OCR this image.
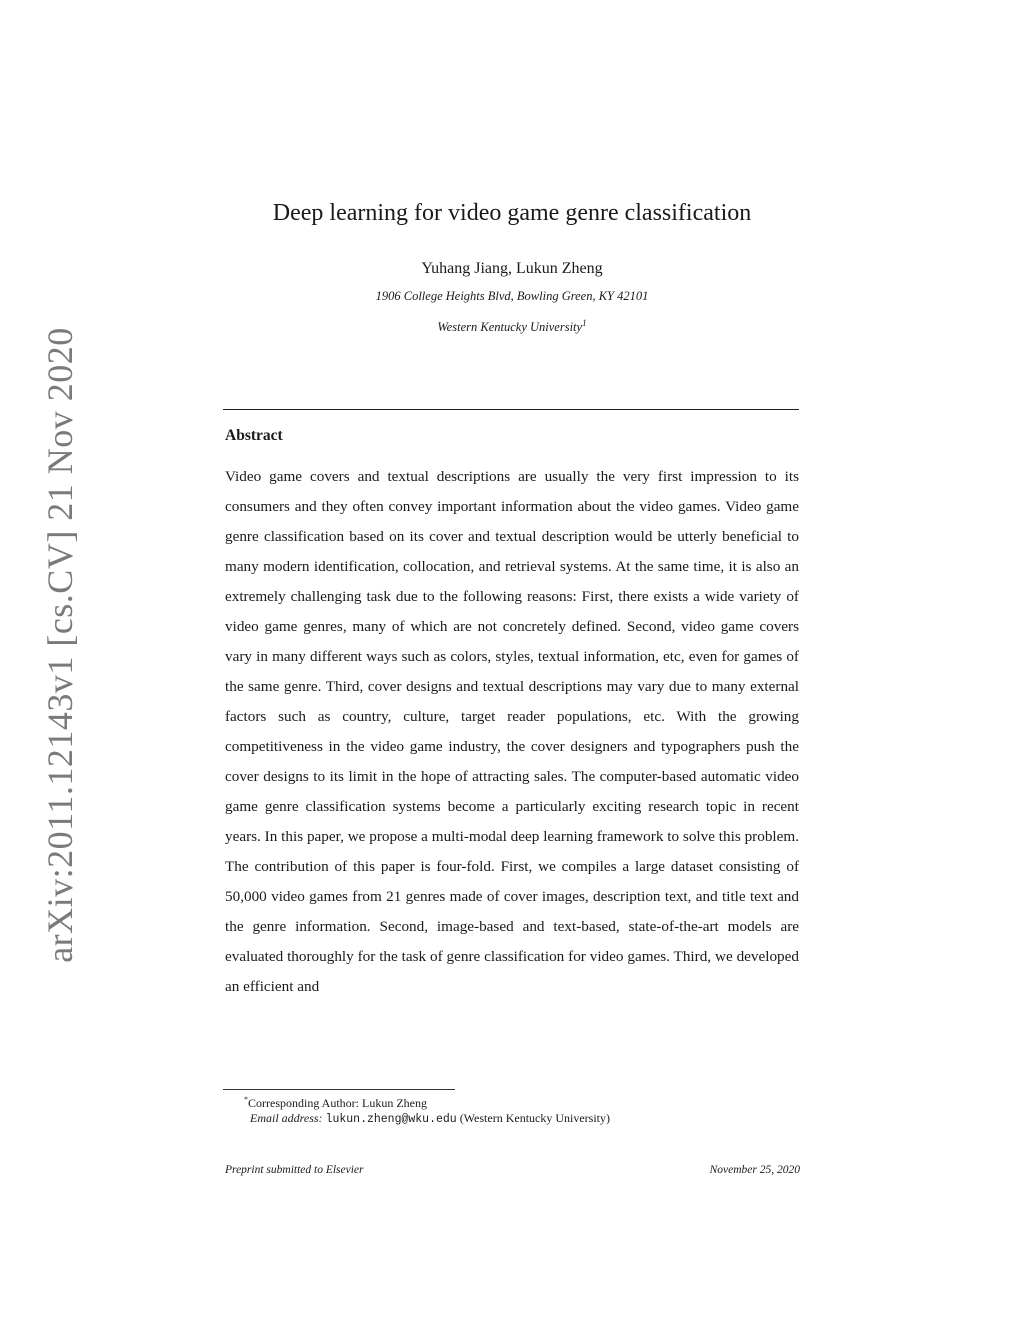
arXiv:2011.12143v1 [cs.CV] 21 Nov 2020
Deep learning for video game genre classification
Yuhang Jiang, Lukun Zheng
1906 College Heights Blvd, Bowling Green, KY 42101
Western Kentucky University$^1$
Abstract
Video game covers and textual descriptions are usually the very first impression to its consumers and they often convey important information about the video games. Video game genre classification based on its cover and textual description would be utterly beneficial to many modern identification, collocation, and retrieval systems. At the same time, it is also an extremely challenging task due to the following reasons: First, there exists a wide variety of video game genres, many of which are not concretely defined. Second, video game covers vary in many different ways such as colors, styles, textual information, etc, even for games of the same genre. Third, cover designs and textual descriptions may vary due to many external factors such as country, culture, target reader populations, etc. With the growing competitiveness in the video game industry, the cover designers and typographers push the cover designs to its limit in the hope of attracting sales. The computer-based automatic video game genre classification systems become a particularly exciting research topic in recent years. In this paper, we propose a multi-modal deep learning framework to solve this problem. The contribution of this paper is four-fold. First, we compiles a large dataset consisting of 50,000 video games from 21 genres made of cover images, description text, and title text and the genre information. Second, image-based and text-based, state-of-the-art models are evaluated thoroughly for the task of genre classification for video games. Third, we developed an efficient and
*Corresponding Author: Lukun Zheng
Email address: lukun.zheng@wku.edu (Western Kentucky University)
Preprint submitted to Elsevier	November 25, 2020
